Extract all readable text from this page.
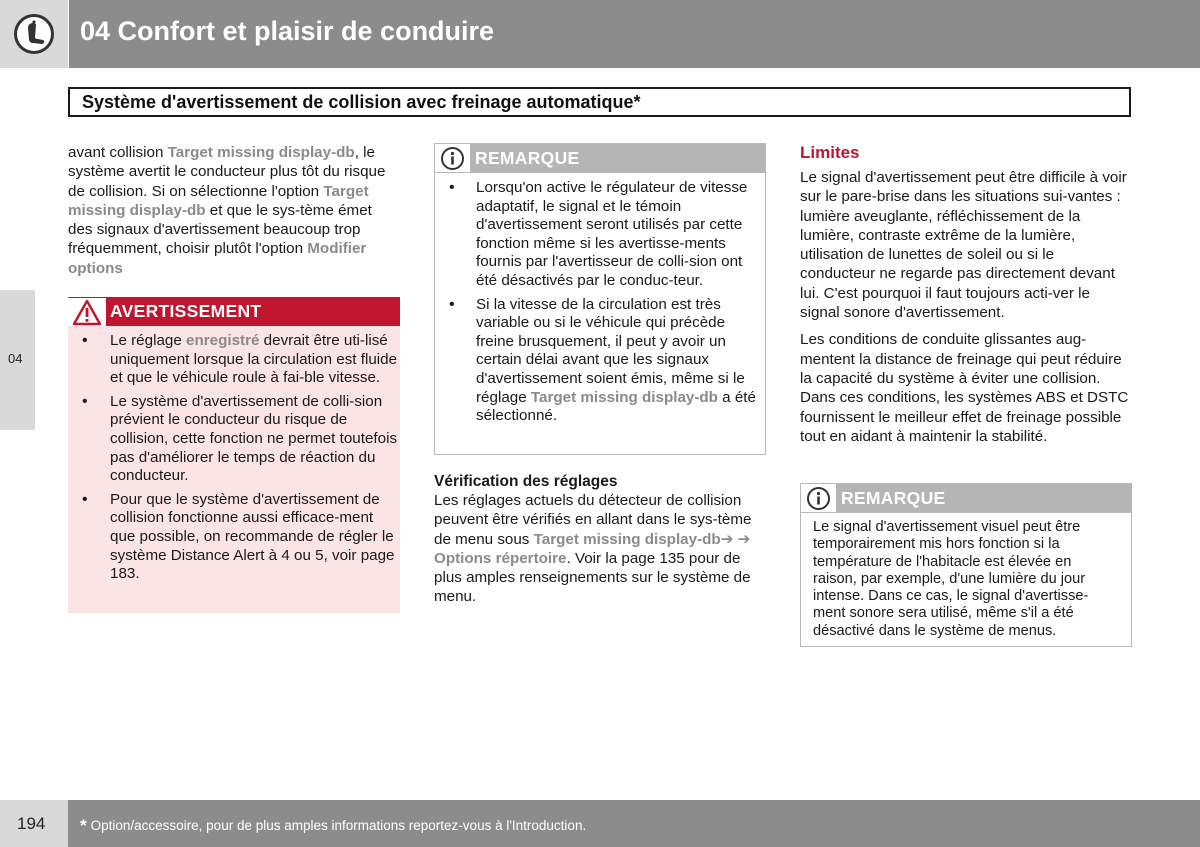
04 Confort et plaisir de conduire
Système d'avertissement de collision avec freinage automatique*
04

avant collision Target missing display-db, le système avertit le conducteur plus tôt du risque de collision. Si on sélectionne l'option Target missing display-db et que le sys-tème émet des signaux d'avertissement beaucoup trop fréquemment, choisir plutôt l'option Modifier options

AVERTISSEMENT
• Le réglage enregistré devrait être uti-lisé uniquement lorsque la circulation est fluide et que le véhicule roule à fai-ble vitesse.
• Le système d'avertissement de colli-sion prévient le conducteur du risque de collision, cette fonction ne permet toutefois pas d'améliorer le temps de réaction du conducteur.
• Pour que le système d'avertissement de collision fonctionne aussi efficace-ment que possible, on recommande de régler le système Distance Alert à 4 ou 5, voir page 183.
REMARQUE
• Lorsqu'on active le régulateur de vitesse adaptatif, le signal et le témoin d'avertissement seront utilisés par cette fonction même si les avertisse-ments fournis par l'avertisseur de colli-sion ont été désactivés par le conduc-teur.
• Si la vitesse de la circulation est très variable ou si le véhicule qui précède freine brusquement, il peut y avoir un certain délai avant que les signaux d'avertissement soient émis, même si le réglage Target missing display-db a été sélectionné.
Vérification des réglages

Les réglages actuels du détecteur de collision peuvent être vérifiés en allant dans le sys-tème de menu sous Target missing display-db➔ ➔ Options répertoire. Voir la page 135 pour de plus amples renseignements sur le système de menu.

Limites

Le signal d'avertissement peut être difficile à voir sur le pare-brise dans les situations sui-vantes : lumière aveuglante, réfléchissement de la lumière, contraste extrême de la lumière, utilisation de lunettes de soleil ou si le conducteur ne regarde pas directement devant lui. C'est pourquoi il faut toujours acti-ver le signal sonore d'avertissement.

Les conditions de conduite glissantes aug-mentent la distance de freinage qui peut réduire la capacité du système à éviter une collision. Dans ces conditions, les systèmes ABS et DSTC fournissent le meilleur effet de freinage possible tout en aidant à maintenir la stabilité.

REMARQUE
Le signal d'avertissement visuel peut être temporairement mis hors fonction si la température de l'habitacle est élevée en raison, par exemple, d'une lumière du jour intense. Dans ce cas, le signal d'avertisse-ment sonore sera utilisé, même s'il a été désactivé dans le système de menus.
194 * Option/accessoire, pour de plus amples informations reportez-vous à l'Introduction.
